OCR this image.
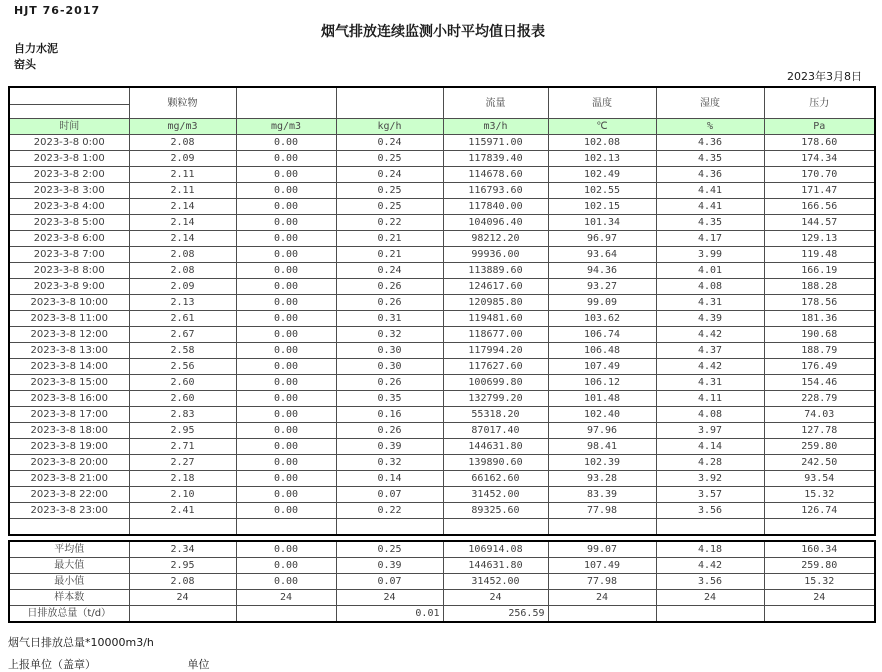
HJT 76-2017
烟气排放连续监测小时平均值日报表
自力水泥
窑头
2023年3月8日
	颗粒物			流量	温度	湿度	压力

时间	mg/m3	mg/m3	kg/h	m3/h	℃	%	Pa
2023-3-8 0:00	2.08	0.00	0.24	115971.00	102.08	4.36	178.60
2023-3-8 1:00	2.09	0.00	0.25	117839.40	102.13	4.35	174.34
2023-3-8 2:00	2.11	0.00	0.24	114678.60	102.49	4.36	170.70
2023-3-8 3:00	2.11	0.00	0.25	116793.60	102.55	4.41	171.47
2023-3-8 4:00	2.14	0.00	0.25	117840.00	102.15	4.41	166.56
2023-3-8 5:00	2.14	0.00	0.22	104096.40	101.34	4.35	144.57
2023-3-8 6:00	2.14	0.00	0.21	98212.20	96.97	4.17	129.13
2023-3-8 7:00	2.08	0.00	0.21	99936.00	93.64	3.99	119.48
2023-3-8 8:00	2.08	0.00	0.24	113889.60	94.36	4.01	166.19
2023-3-8 9:00	2.09	0.00	0.26	124617.60	93.27	4.08	188.28
2023-3-8 10:00	2.13	0.00	0.26	120985.80	99.09	4.31	178.56
2023-3-8 11:00	2.61	0.00	0.31	119481.60	103.62	4.39	181.36
2023-3-8 12:00	2.67	0.00	0.32	118677.00	106.74	4.42	190.68
2023-3-8 13:00	2.58	0.00	0.30	117994.20	106.48	4.37	188.79
2023-3-8 14:00	2.56	0.00	0.30	117627.60	107.49	4.42	176.49
2023-3-8 15:00	2.60	0.00	0.26	100699.80	106.12	4.31	154.46
2023-3-8 16:00	2.60	0.00	0.35	132799.20	101.48	4.11	228.79
2023-3-8 17:00	2.83	0.00	0.16	55318.20	102.40	4.08	74.03
2023-3-8 18:00	2.95	0.00	0.26	87017.40	97.96	3.97	127.78
2023-3-8 19:00	2.71	0.00	0.39	144631.80	98.41	4.14	259.80
2023-3-8 20:00	2.27	0.00	0.32	139890.60	102.39	4.28	242.50
2023-3-8 21:00	2.18	0.00	0.14	66162.60	93.28	3.92	93.54
2023-3-8 22:00	2.10	0.00	0.07	31452.00	83.39	3.57	15.32
2023-3-8 23:00	2.41	0.00	0.22	89325.60	77.98	3.56	126.74

平均值	2.34	0.00	0.25	106914.08	99.07	4.18	160.34
最大值	2.95	0.00	0.39	144631.80	107.49	4.42	259.80
最小值	2.08	0.00	0.07	31452.00	77.98	3.56	15.32
样本数	24	24	24	24	24	24	24
日排放总量（t/d）			0.01	256.59			
烟气日排放总量*10000m3/h
上报单位（盖章）	单位
